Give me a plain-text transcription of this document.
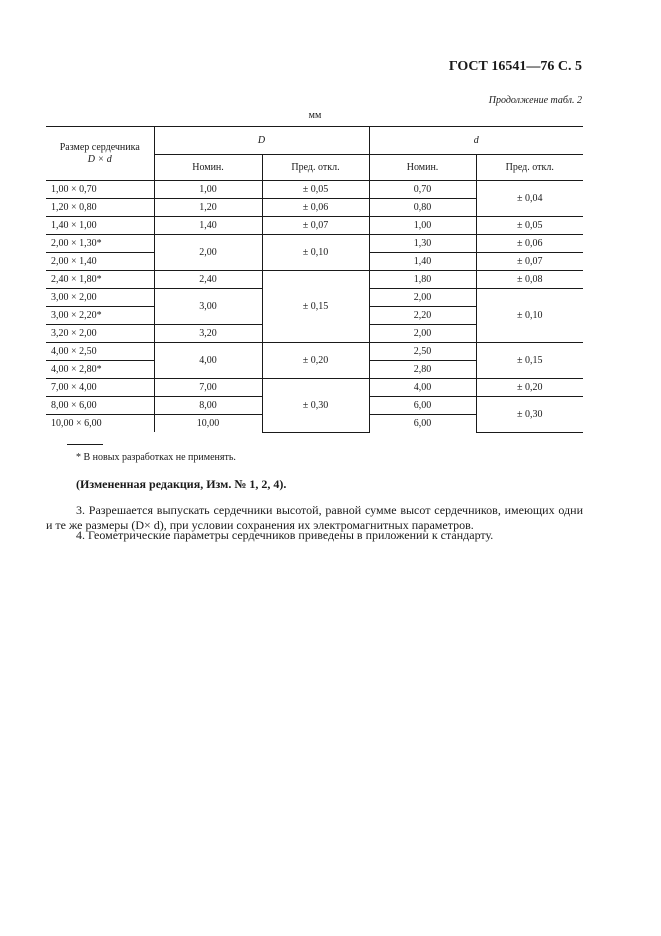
ГОСТ 16541—76 С. 5
Продолжение табл. 2
мм
Размер сердечника
D × d	D		d	
	Номин.	Пред. откл.	Номин.	Пред. откл.
1,00 × 0,70	1,00	± 0,05	0,70	± 0,04
1,20 × 0,80	1,20	± 0,06	0,80	
1,40 × 1,00	1,40	± 0,07	1,00	± 0,05
2,00 × 1,30*	2,00	± 0,10	1,30	± 0,06
2,00 × 1,40			1,40	± 0,07
2,40 × 1,80*	2,40	± 0,15	1,80	± 0,08
3,00 × 2,00	3,00		2,00	± 0,10
3,00 × 2,20*			2,20	
3,20 × 2,00	3,20		2,00	
4,00 × 2,50	4,00	± 0,20	2,50	± 0,15
4,00 × 2,80*			2,80	
7,00 × 4,00	7,00	± 0,30	4,00	± 0,20
8,00 × 6,00	8,00		6,00	± 0,30
10,00 × 6,00	10,00		6,00	
* В новых разработках не применять.
(Измененная редакция, Изм. № 1, 2, 4).
3. Разрешается выпускать сердечники высотой, равной сумме высот сердечников, имеющих одни и те же размеры (D× d), при условии сохранения их электромагнитных параметров.
4. Геометрические параметры сердечников приведены в приложении к стандарту.
